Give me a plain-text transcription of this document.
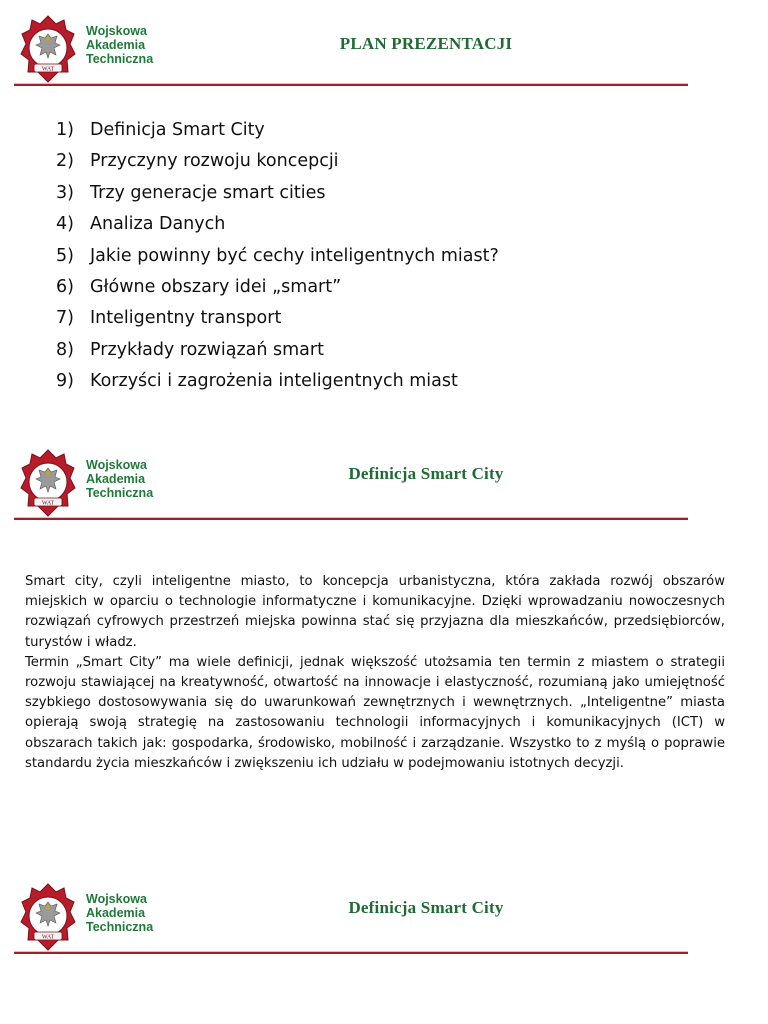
WAT
Wojskowa
Akademia
Techniczna
PLAN PREZENTACJI
1) Definicja Smart City
2) Przyczyny rozwoju koncepcji
3) Trzy generacje smart cities
4) Analiza Danych
5) Jakie powinny być cechy inteligentnych miast?
6) Główne obszary idei „smart”
7) Inteligentny transport
8) Przykłady rozwiązań smart
9) Korzyści i zagrożenia inteligentnych miast
WAT
Wojskowa
Akademia
Techniczna
Definicja Smart City

Smart city, czyli inteligentne miasto, to koncepcja urbanistyczna, która zakłada rozwój obszarów miejskich w oparciu o technologie informatyczne i komunikacyjne. Dzięki wprowadzaniu nowoczesnych rozwiązań cyfrowych przestrzeń miejska powinna stać się przyjazna dla mieszkańców, przedsiębiorców, turystów i władz.

Termin „Smart City” ma wiele definicji, jednak większość utożsamia ten termin z miastem o strategii rozwoju stawiającej na kreatywność, otwartość na innowacje i elastyczność, rozumianą jako umiejętność szybkiego dostosowywania się do uwarunkowań zewnętrznych i wewnętrznych. „Inteligentne” miasta opierają swoją strategię na zastosowaniu technologii informacyjnych i komunikacyjnych (ICT) w obszarach takich jak: gospodarka, środowisko, mobilność i zarządzanie. Wszystko to z myślą o poprawie standardu życia mieszkańców i zwiększeniu ich udziału w podejmowaniu istotnych decyzji.

WAT
Wojskowa
Akademia
Techniczna
Definicja Smart City
